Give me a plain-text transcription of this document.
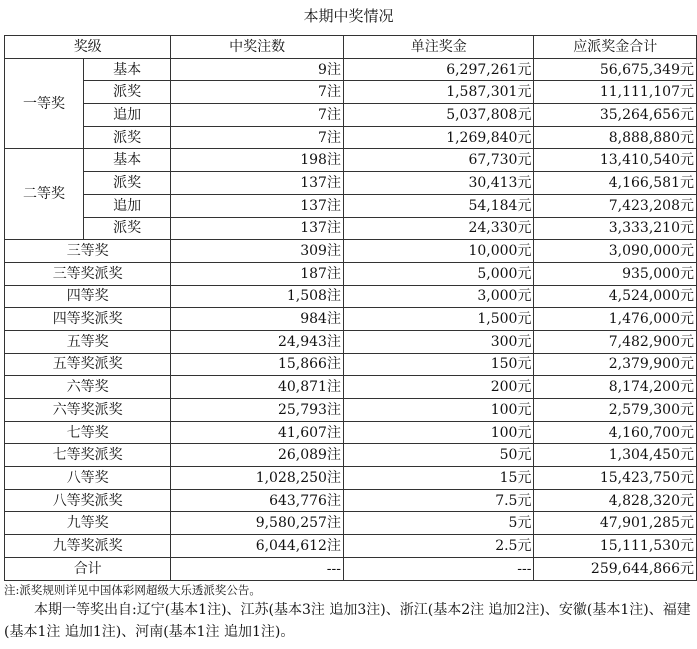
本期中奖情况
奖级		中奖注数	单注奖金	应派奖金合计
一等奖	基本	9注	6,297,261元	56,675,349元
	派奖	7注	1,587,301元	11,111,107元
	追加	7注	5,037,808元	35,264,656元
	派奖	7注	1,269,840元	8,888,880元
二等奖	基本	198注	67,730元	13,410,540元
	派奖	137注	30,413元	4,166,581元
	追加	137注	54,184元	7,423,208元
	派奖	137注	24,330元	3,333,210元
三等奖		309注	10,000元	3,090,000元
三等奖派奖		187注	5,000元	935,000元
四等奖		1,508注	3,000元	4,524,000元
四等奖派奖		984注	1,500元	1,476,000元
五等奖		24,943注	300元	7,482,900元
五等奖派奖		15,866注	150元	2,379,900元
六等奖		40,871注	200元	8,174,200元
六等奖派奖		25,793注	100元	2,579,300元
七等奖		41,607注	100元	4,160,700元
七等奖派奖		26,089注	50元	1,304,450元
八等奖		1,028,250注	15元	15,423,750元
八等奖派奖		643,776注	7.5元	4,828,320元
九等奖		9,580,257注	5元	47,901,285元
九等奖派奖		6,044,612注	2.5元	15,111,530元
合计		---	---	259,644,866元
注:派奖规则详见中国体彩网超级大乐透派奖公告。
本期一等奖出自:辽宁(基本1注)、江苏(基本3注 追加3注)、浙江(基本2注 追加2注)、安徽(基本1注)、福建(基本1注 追加1注)、河南(基本1注 追加1注)。
